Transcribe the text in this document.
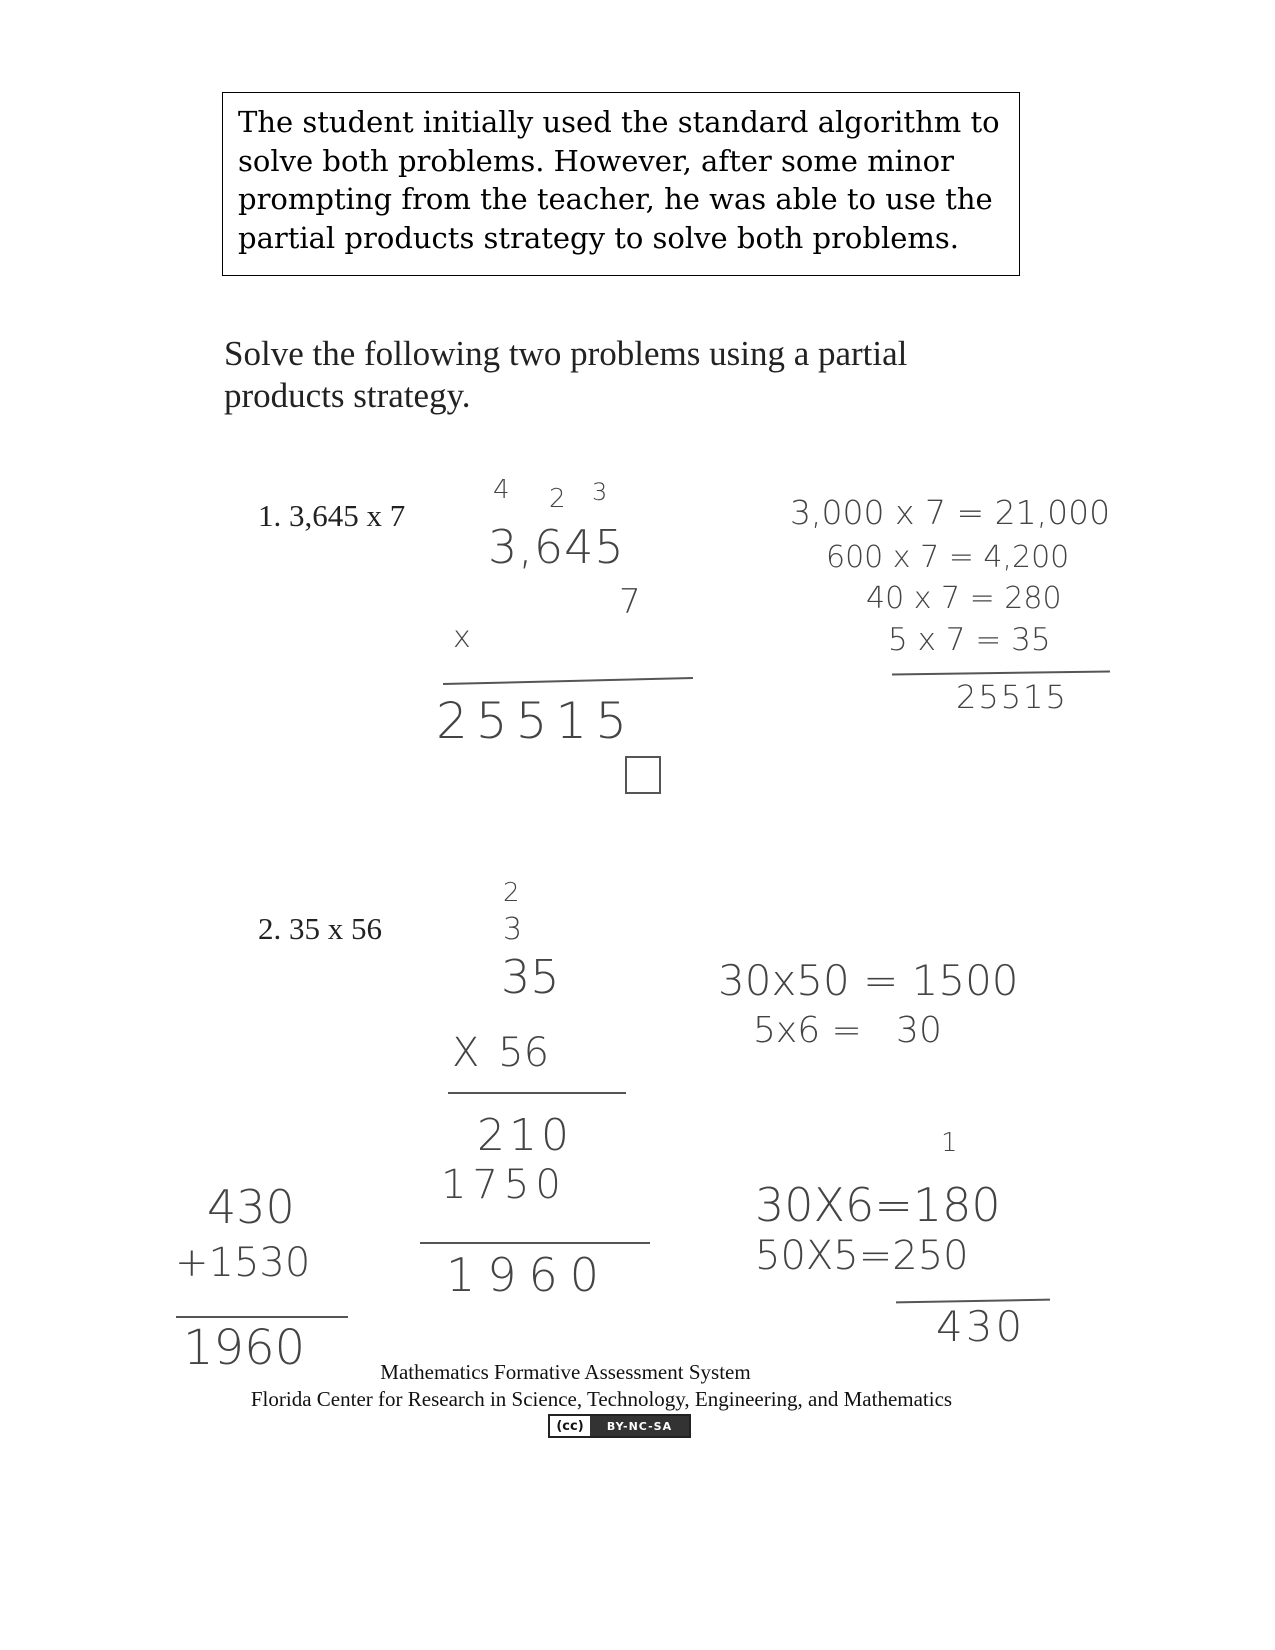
The student initially used the standard algorithm to
solve both problems. However, after some minor
prompting from the teacher, he was able to use the
partial products strategy to solve both problems.
Solve the following two problems using a partial
products strategy.
1. 3,645 x 7
4 2 3
3,645
7
x
25515
3,000 x 7 = 21,000
600 x 7 = 4,200
40 x 7 = 280
5 x 7 = 35
25515
2. 35 x 56
2
3
35
X 56
210
1750
1960
30x50 = 1500
5x6 =   30
1
30X6=180
50X5=250
430
430
+1530
1960	Mathematics Formative Assessment System
Florida Center for Research in Science, Technology, Engineering, and Mathematics
(cc)	BY-NC-SA
